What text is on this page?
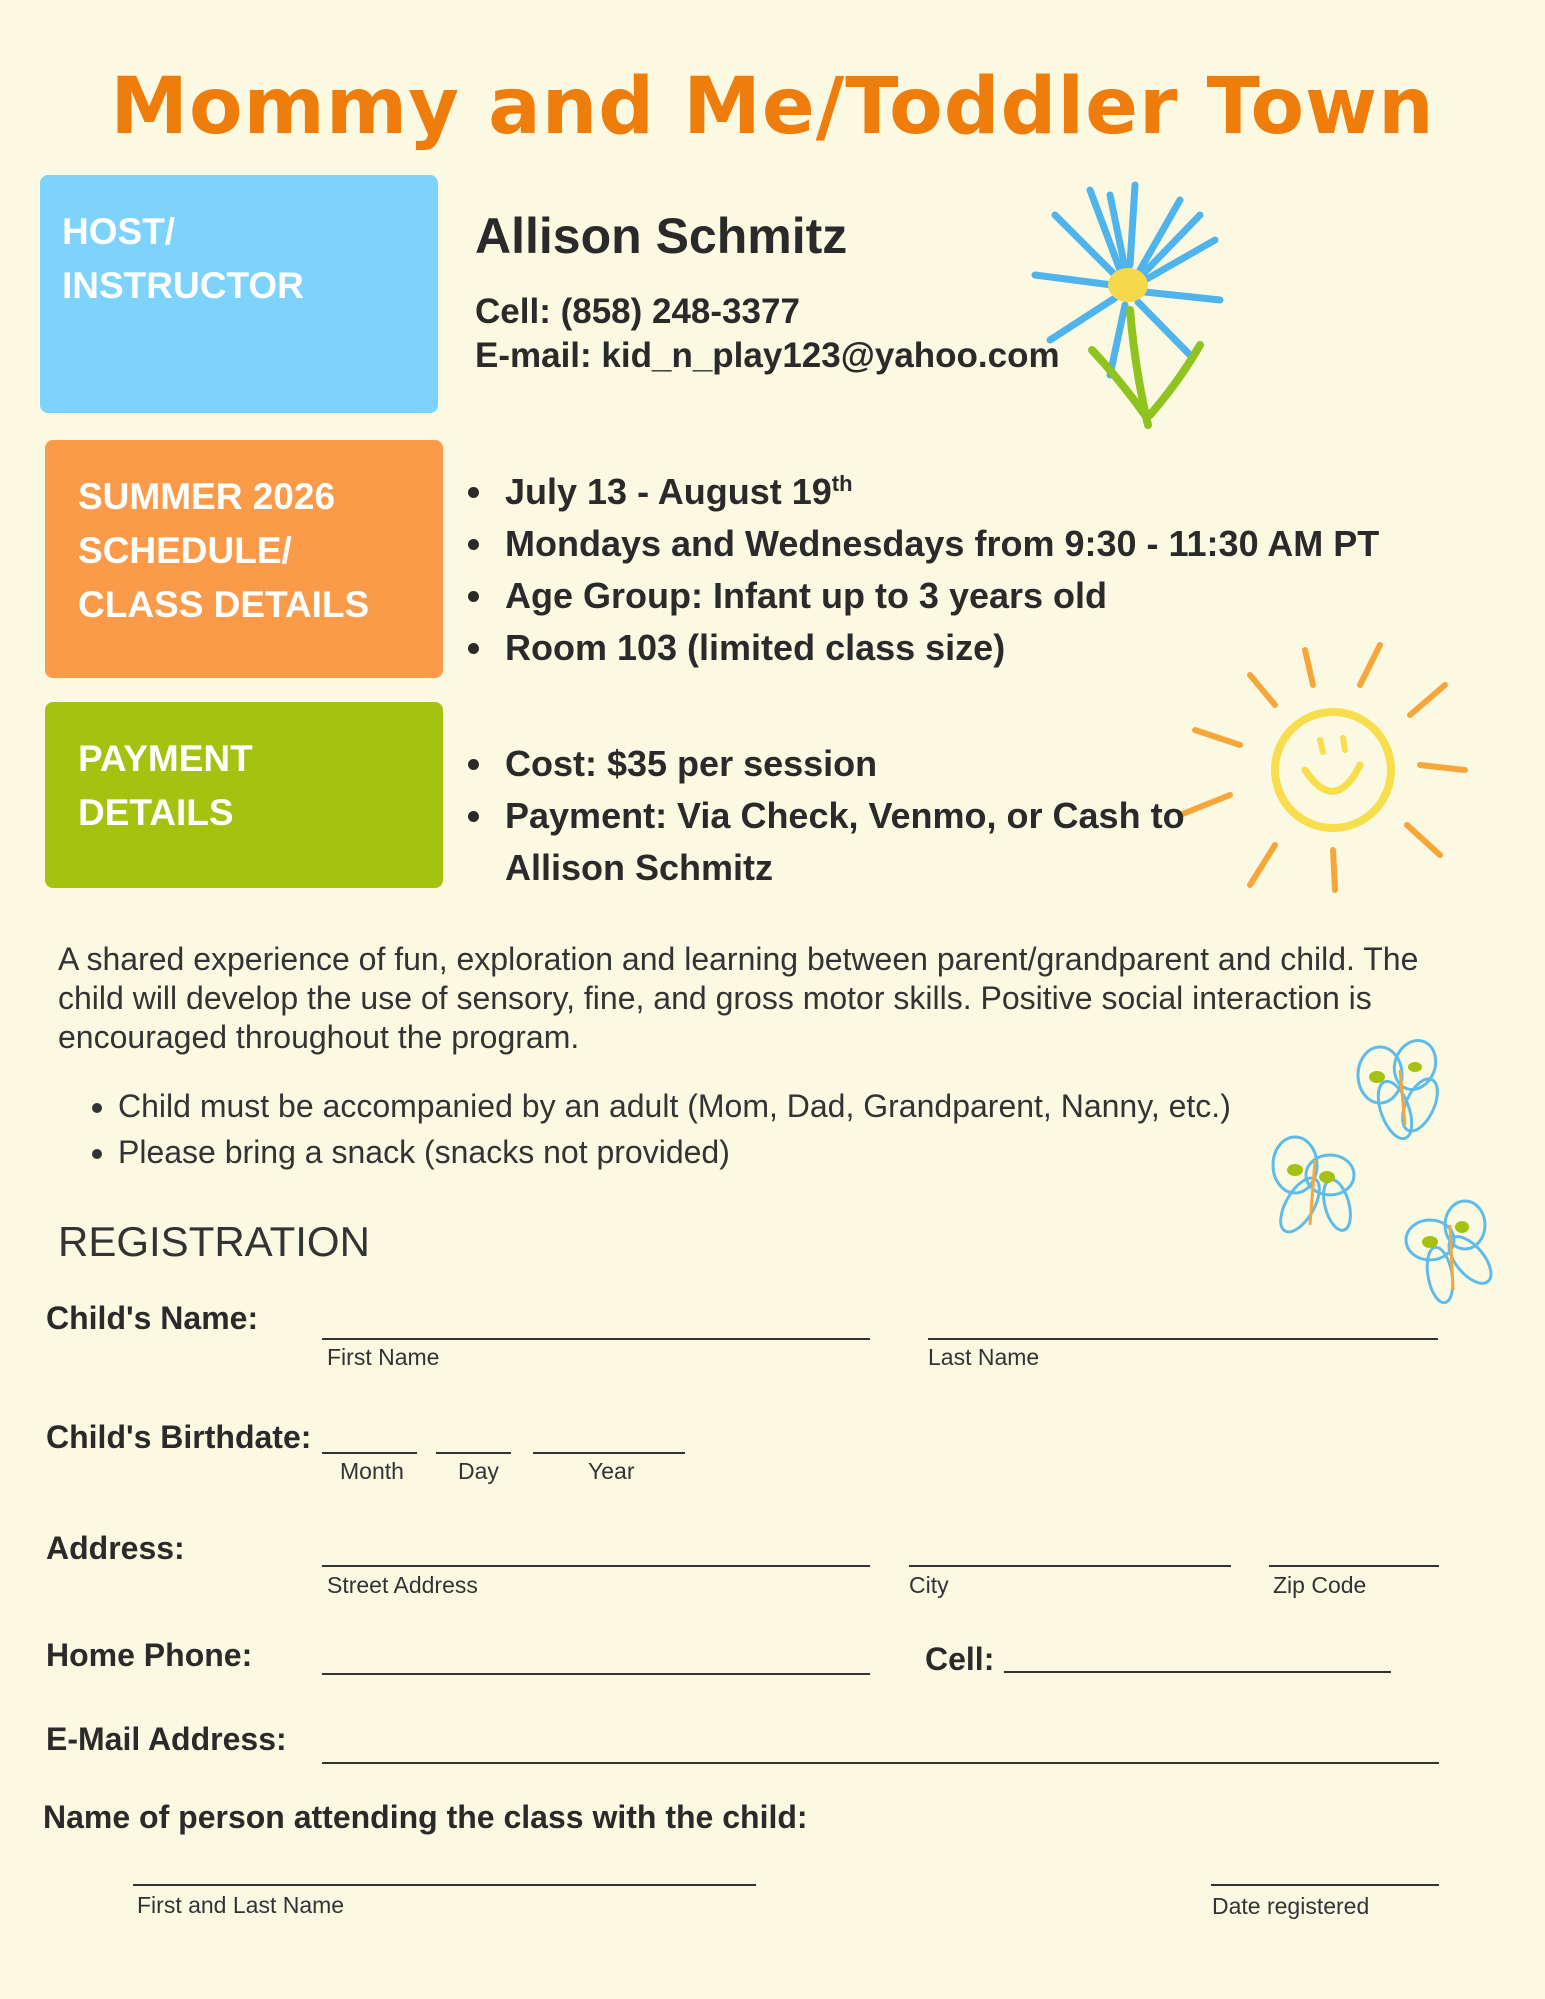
Mommy and Me/Toddler Town
HOST/
INSTRUCTOR
Allison Schmitz
Cell: (858) 248-3377
E-mail: kid_n_play123@yahoo.com
SUMMER 2026
SCHEDULE/
CLASS DETAILS
• July 13 - August 19th
• Mondays and Wednesdays from 9:30 - 11:30 AM PT
• Age Group: Infant up to 3 years old
• Room 103 (limited class size)
PAYMENT
DETAILS
• Cost: $35 per session
• Payment: Via Check, Venmo, or Cash to Allison Schmitz
A shared experience of fun, exploration and learning between parent/grandparent and child. The child will develop the use of sensory, fine, and gross motor skills. Positive social interaction is encouraged throughout the program.
• Child must be accompanied by an adult (Mom, Dad, Grandparent, Nanny, etc.)
• Please bring a snack (snacks not provided)
REGISTRATION
Child's Name:
First Name	Last Name
Child's Birthdate:
Month Day	Year
Address:
Street Address	City	Zip Code
Home Phone:	Cell:
E-Mail Address:
Name of person attending the class with the child:
First and Last Name	Date registered
